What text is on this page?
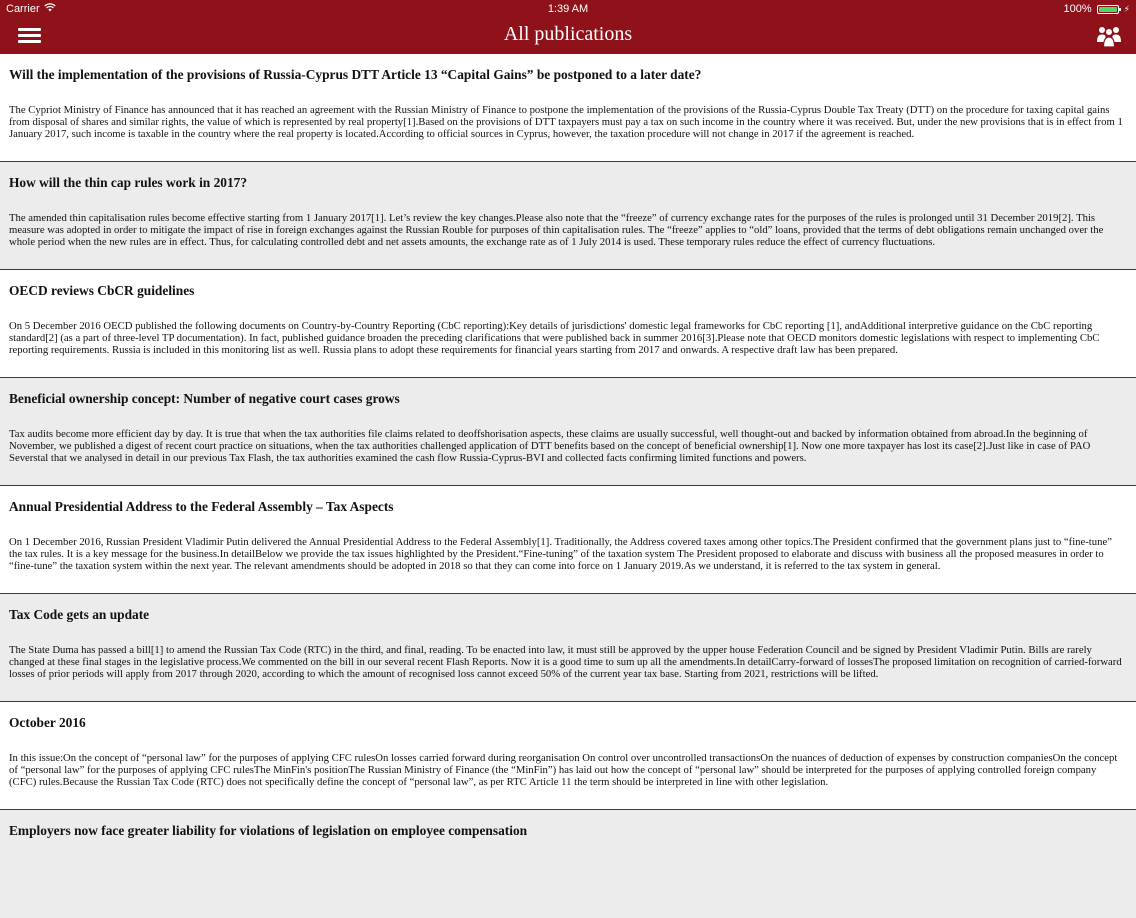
Carrier	1:39 AM	100%	⚡
All publications
Will the implementation of the provisions of Russia-Cyprus DTT Article 13 “Capital Gains” be postponed to a later date?
The Cypriot Ministry of Finance has announced that it has reached an agreement with the Russian Ministry of Finance to postpone the implementation of the provisions of the Russia-Cyprus Double Tax Treaty (DTT) on the procedure for taxing capital gains from disposal of shares and similar rights, the value of which is represented by real property[1].Based on the provisions of DTT taxpayers must pay a tax on such income in the country where it was received. But, under the new provisions that is in effect from 1 January 2017, such income is taxable in the country where the real property is located.According to official sources in Cyprus, however, the taxation procedure will not change in 2017 if the agreement is reached.
How will the thin cap rules work in 2017?
The amended thin capitalisation rules become effective starting from 1 January 2017[1]. Let’s review the key changes.Please also note that the “freeze” of currency exchange rates for the purposes of the rules is prolonged until 31 December 2019[2]. This measure was adopted in order to mitigate the impact of rise in foreign exchanges against the Russian Rouble for purposes of thin capitalisation rules. The “freeze” applies to “old” loans, provided that the terms of debt obligations remain unchanged over the whole period when the new rules are in effect. Thus, for calculating controlled debt and net assets amounts, the exchange rate as of 1 July 2014 is used. These temporary rules reduce the effect of currency fluctuations.
OECD reviews CbCR guidelines
On 5 December 2016 OECD published the following documents on Country-by-Country Reporting (CbC reporting):Key details of jurisdictions' domestic legal frameworks for CbC reporting [1], andAdditional interpretive guidance on the CbC reporting standard[2] (as a part of three-level TP documentation). In fact, published guidance broaden the preceding clarifications that were published back in summer 2016[3].Please note that OECD monitors domestic legislations with respect to implementing CbC reporting requirements. Russia is included in this monitoring list as well. Russia plans to adopt these requirements for financial years starting from 2017 and onwards. A respective draft law has been prepared.
Beneficial ownership concept: Number of negative court cases grows
Tax audits become more efficient day by day. It is true that when the tax authorities file claims related to deoffshorisation aspects, these claims are usually successful, well thought-out and backed by information obtained from abroad.In the beginning of November, we published a digest of recent court practice on situations, when the tax authorities challenged application of DTT benefits based on the concept of beneficial ownership[1]. Now one more taxpayer has lost its case[2].Just like in case of PAO Severstal that we analysed in detail in our previous Tax Flash, the tax authorities examined the cash flow Russia-Cyprus-BVI and collected facts confirming limited functions and powers.
Annual Presidential Address to the Federal Assembly – Tax Aspects
On 1 December 2016, Russian President Vladimir Putin delivered the Annual Presidential Address to the Federal Assembly[1]. Traditionally, the Address covered taxes among other topics.The President confirmed that the government plans just to “fine-tune” the tax rules. It is a key message for the business.In detailBelow we provide the tax issues highlighted by the President.“Fine-tuning” of the taxation system The President proposed to elaborate and discuss with business all the proposed measures in order to “fine-tune” the taxation system within the next year. The relevant amendments should be adopted in 2018 so that they can come into force on 1 January 2019.As we understand, it is referred to the tax system in general.
Tax Code gets an update
The State Duma has passed a bill[1] to amend the Russian Tax Code (RTC) in the third, and final, reading. To be enacted into law, it must still be approved by the upper house Federation Council and be signed by President Vladimir Putin. Bills are rarely changed at these final stages in the legislative process.We commented on the bill in our several recent Flash Reports. Now it is a good time to sum up all the amendments.In detailCarry-forward of lossesThe proposed limitation on recognition of carried-forward losses of prior periods will apply from 2017 through 2020, according to which the amount of recognised loss cannot exceed 50% of the current year tax base. Starting from 2021, restrictions will be lifted.
October 2016
In this issue:On the concept of “personal law” for the purposes of applying CFC rulesOn losses carried forward during reorganisation On control over uncontrolled transactionsOn the nuances of deduction of expenses by construction companiesOn the concept of “personal law” for the purposes of applying CFC rulesThe MinFin's positionThe Russian Ministry of Finance (the “MinFin”) has laid out how the concept of “personal law” should be interpreted for the purposes of applying controlled foreign company (CFC) rules.Because the Russian Tax Code (RTC) does not specifically define the concept of “personal law”, as per RTC Article 11 the term should be interpreted in line with other legislation.
Employers now face greater liability for violations of legislation on employee compensation
